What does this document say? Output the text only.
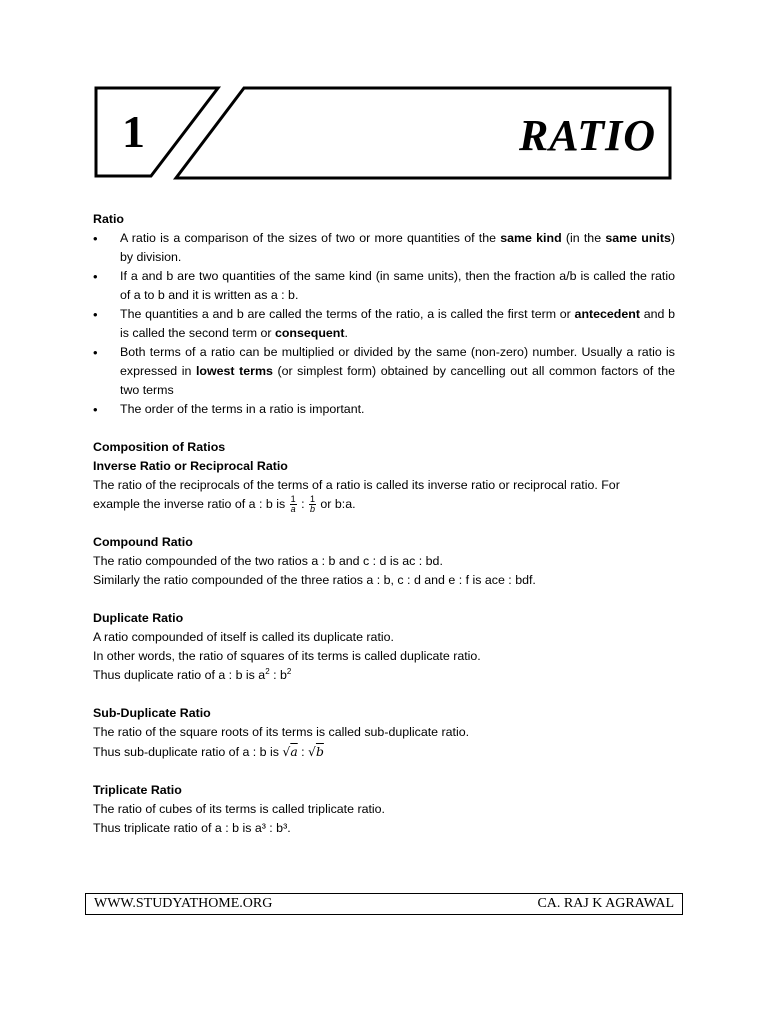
1	RATIO
Ratio
• A ratio is a comparison of the sizes of two or more quantities of the same kind (in the same units) by division.
• If a and b are two quantities of the same kind (in same units), then the fraction a/b is called the ratio of a to b and it is written as a : b.
• The quantities a and b are called the terms of the ratio, a is called the first term or antecedent and b is called the second term or consequent.
• Both terms of a ratio can be multiplied or divided by the same (non-zero) number. Usually a ratio is expressed in lowest terms (or simplest form) obtained by cancelling out all common factors of the two terms
• The order of the terms in a ratio is important.
Composition of Ratios
Inverse Ratio or Reciprocal Ratio

The ratio of the reciprocals of the terms of a ratio is called its inverse ratio or reciprocal ratio. For

example the inverse ratio of a : b is $\frac{1}{a}$ : $\frac{1}{b}$ or b:a.

Compound Ratio

The ratio compounded of the two ratios a : b and c : d is ac : bd.

Similarly the ratio compounded of the three ratios a : b, c : d and e : f is ace : bdf.

Duplicate Ratio

A ratio compounded of itself is called its duplicate ratio.

In other words, the ratio of squares of its terms is called duplicate ratio.

Thus duplicate ratio of a : b is $a^2$ : $b^2$

Sub-Duplicate Ratio

The ratio of the square roots of its terms is called sub-duplicate ratio.

Thus sub-duplicate ratio of a : b is √a : √b

Triplicate Ratio

The ratio of cubes of its terms is called triplicate ratio.

Thus triplicate ratio of a : b is a³ : b³.

WWW.STUDYATHOME.ORG	CA. RAJ K AGRAWAL
